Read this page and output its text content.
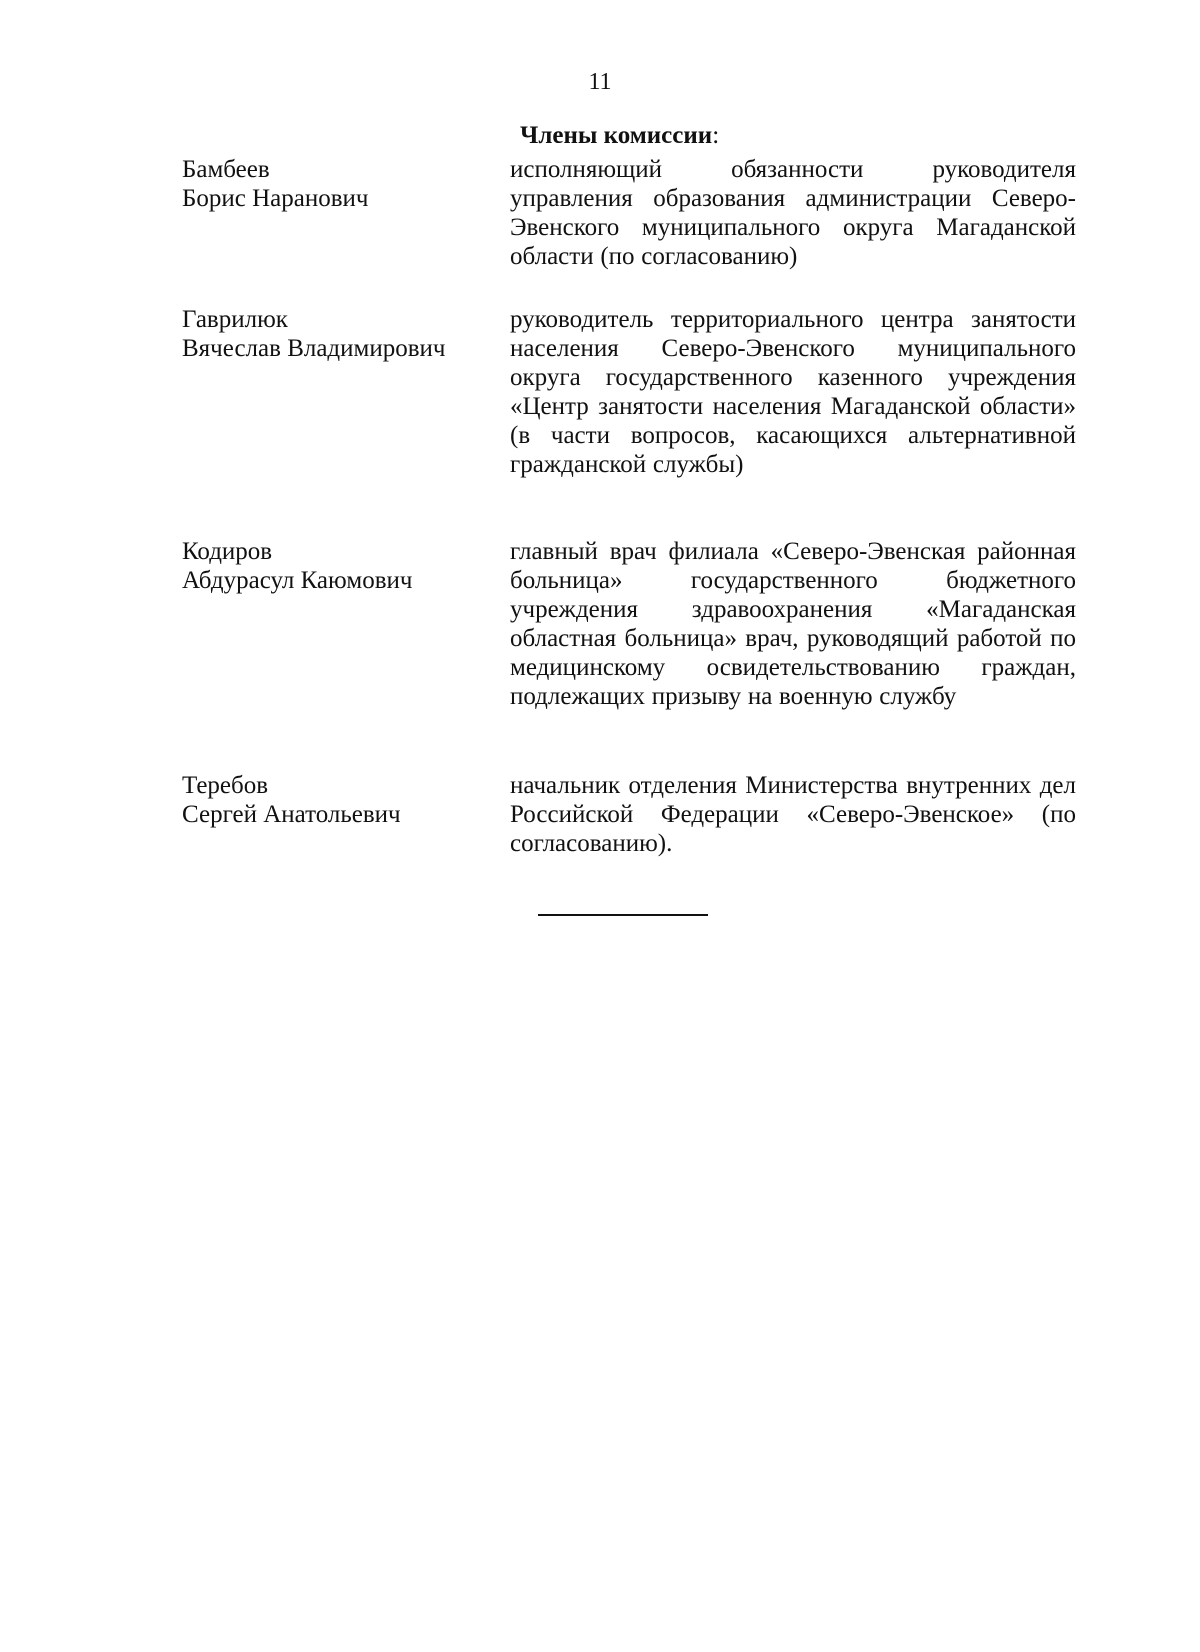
11
Члены комиссии:
Бамбеев
Борис Наранович
исполняющий обязанности руководителя управления образования администрации Северо-Эвенского муниципального округа Магаданской области (по согласованию)
Гаврилюк
Вячеслав Владимирович
руководитель территориального центра занятости населения Северо-Эвенского муниципального округа государственного казенного учреждения «Центр занятости населения Магаданской области» (в части вопросов, касающихся альтернативной гражданской службы)
Кодиров
Абдурасул Каюмович
главный врач филиала «Северо-Эвенская районная больница» государственного бюджетного учреждения здравоохранения «Магаданская областная больница» врач, руководящий работой по медицинскому освидетельствованию граждан, подлежащих призыву на военную службу
Теребов
Сергей Анатольевич
начальник отделения Министерства внутренних дел Российской Федерации «Северо-Эвенское» (по согласованию).
